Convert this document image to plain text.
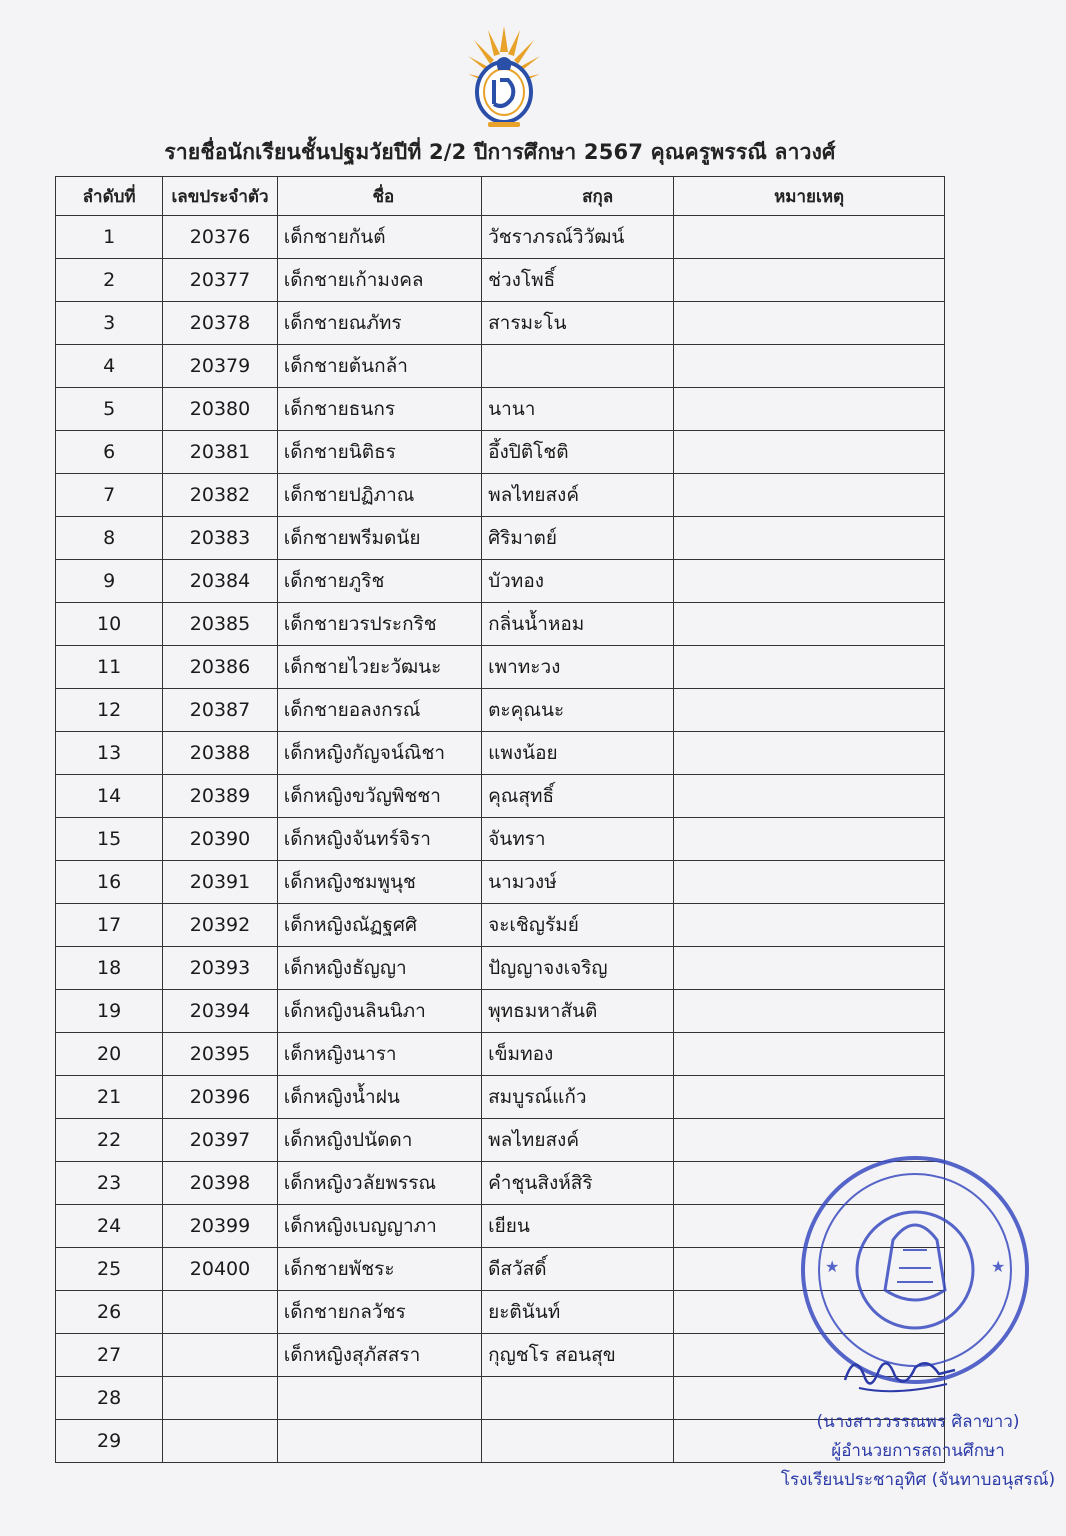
รายชื่อนักเรียนชั้นปฐมวัยปีที่ 2/2 ปีการศึกษา 2567 คุณครูพรรณี ลาวงศ์
ลำดับที่	เลขประจำตัว	ชื่อ	สกุล	หมายเหตุ
1	20376	เด็กชายกันต์	วัชราภรณ์วิวัฒน์	
2	20377	เด็กชายเก้ามงคล	ช่วงโพธิ์	
3	20378	เด็กชายณภัทร	สารมะโน	
4	20379	เด็กชายต้นกล้า		
5	20380	เด็กชายธนกร	นานา	
6	20381	เด็กชายนิติธร	อึ้งปิติโชติ	
7	20382	เด็กชายปฏิภาณ	พลไทยสงค์	
8	20383	เด็กชายพรีมดนัย	ศิริมาตย์	
9	20384	เด็กชายภูริช	บัวทอง	
10	20385	เด็กชายวรประกริช	กลิ่นน้ำหอม	
11	20386	เด็กชายไวยะวัฒนะ	เพาทะวง	
12	20387	เด็กชายอลงกรณ์	ตะคุณนะ	
13	20388	เด็กหญิงกัญจน์ณิชา	แพงน้อย	
14	20389	เด็กหญิงขวัญพิชชา	คุณสุทธิ์	
15	20390	เด็กหญิงจันทร์จิรา	จันทรา	
16	20391	เด็กหญิงชมพูนุช	นามวงษ์	
17	20392	เด็กหญิงณัฏฐศศิ	จะเชิญรัมย์	
18	20393	เด็กหญิงธัญญา	ปัญญาจงเจริญ	
19	20394	เด็กหญิงนลินนิภา	พุทธมหาสันติ	
20	20395	เด็กหญิงนารา	เข็มทอง	
21	20396	เด็กหญิงน้ำฝน	สมบูรณ์แก้ว	
22	20397	เด็กหญิงปนัดดา	พลไทยสงค์	
23	20398	เด็กหญิงวลัยพรรณ	คำชุนสิงห์สิริ	
24	20399	เด็กหญิงเบญญาภา	เยียน	
25	20400	เด็กชายพัชระ	ดีสวัสดิ์	
26		เด็กชายกลวัชร	ยะตินันท์	
27		เด็กหญิงสุภัสสรา	กุญชโร สอนสุข	
28				
29				
★	★
(นางสาววรรณพร ศิลาขาว)
ผู้อำนวยการสถานศึกษา
โรงเรียนประชาอุทิศ (จันทาบอนุสรณ์)
